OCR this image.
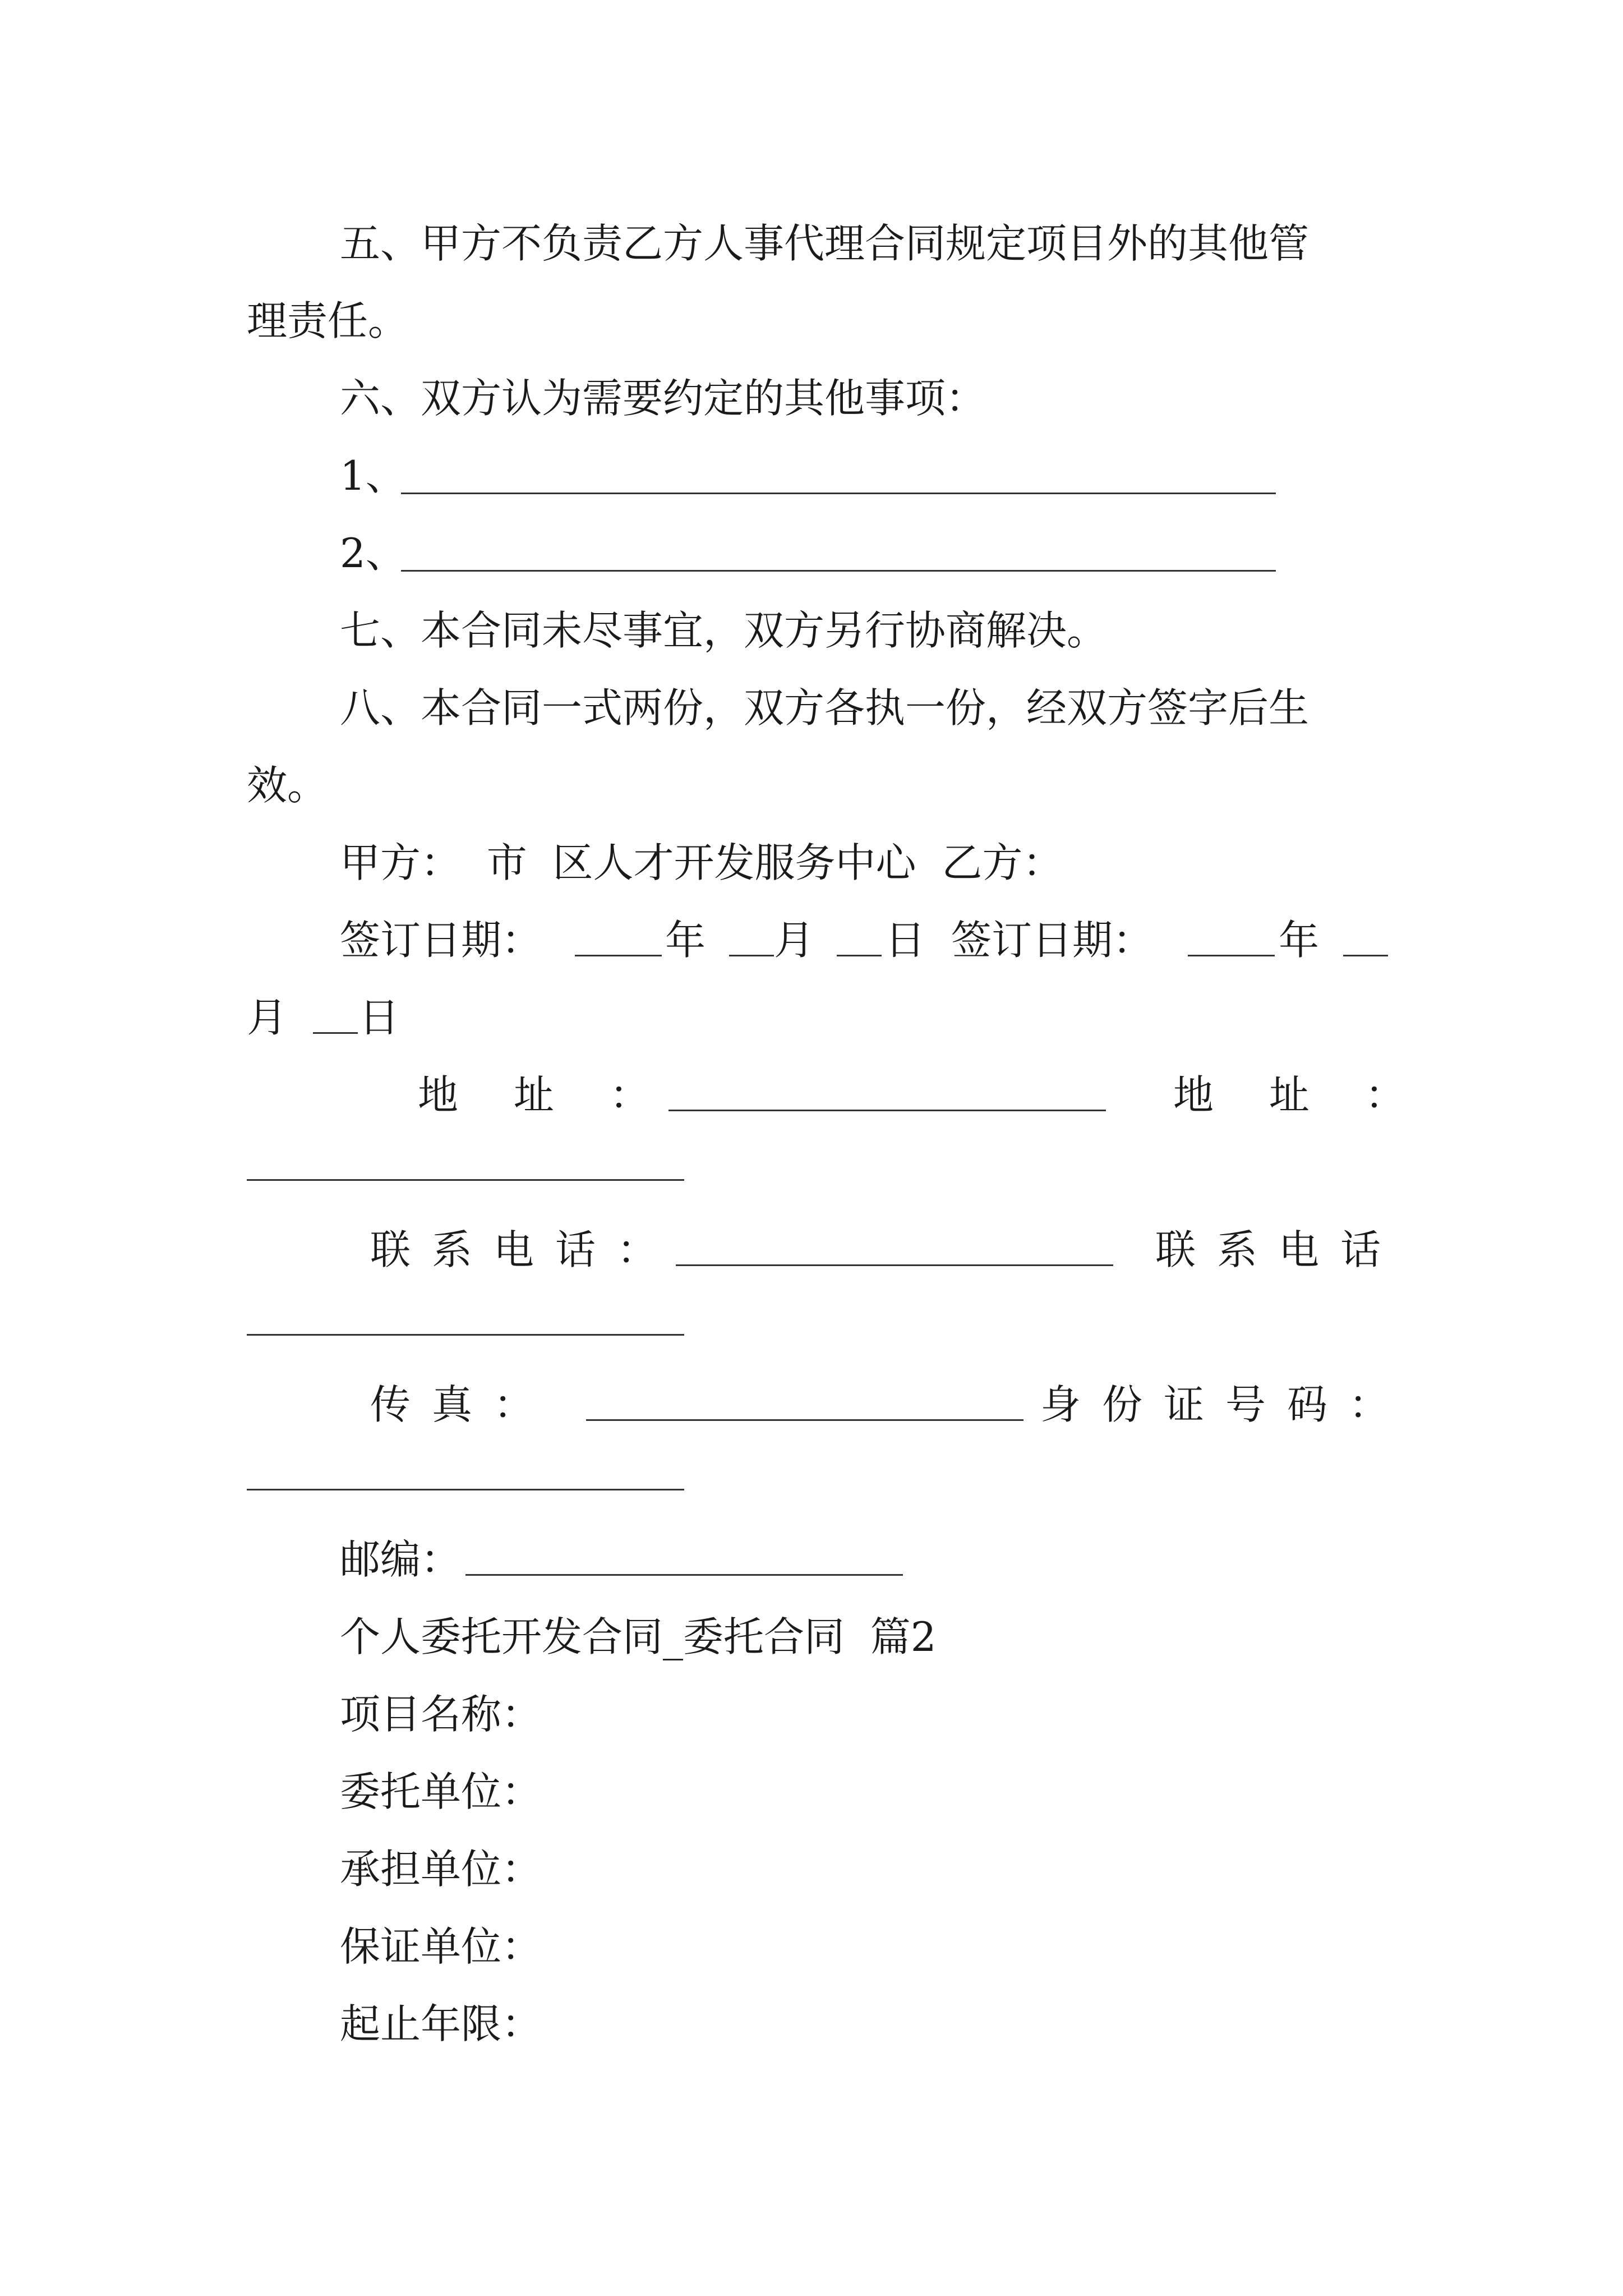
五、甲方不负责乙方人事代理合同规定项目外的其他管
理责任。
六、双方认为需要约定的其他事项：
1、
2、
七、本合同未尽事宜，双方另行协商解决。
八、本合同一式两份，双方各执一份，经双方签字后生
效。
甲方：  市  区人才开发服务中心  乙方：
签订日期：	年 月 日 签订日期：	年
月 日
地 址 ：	地 址 ：
联系电话：	联系电话
传真：	身份证号码：
邮编：
个人委托开发合同_委托合同  篇2
项目名称：
委托单位：
承担单位：
保证单位：
起止年限：
